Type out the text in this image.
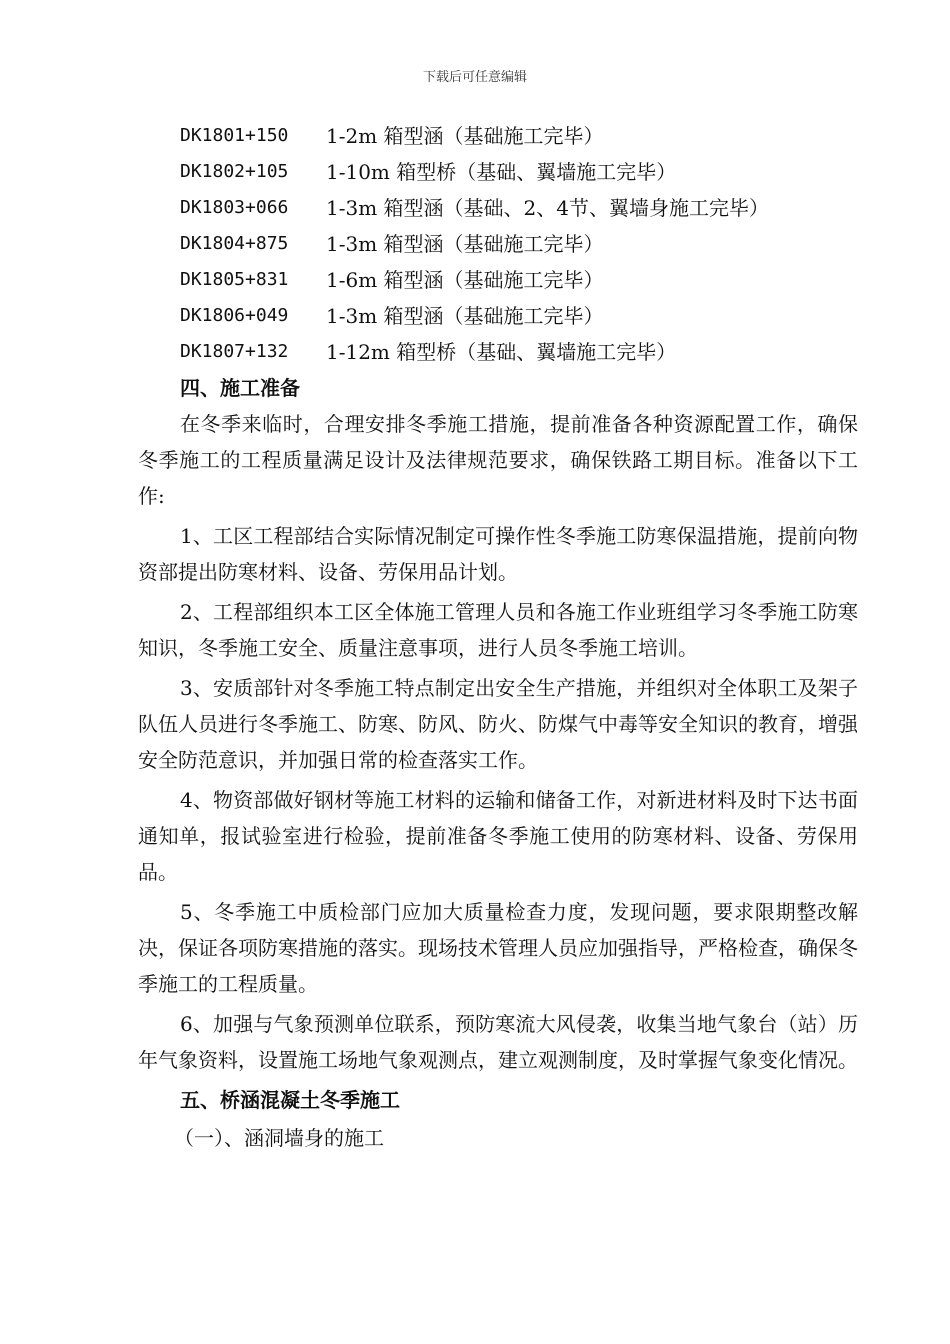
下载后可任意编辑
DK1801+150	1-2m 箱型涵（基础施工完毕）
DK1802+105	1-10m 箱型桥（基础、翼墙施工完毕）
DK1803+066	1-3m 箱型涵（基础、2、4节、翼墙身施工完毕）
DK1804+875	1-3m 箱型涵（基础施工完毕）
DK1805+831	1-6m 箱型涵（基础施工完毕）
DK1806+049	1-3m 箱型涵（基础施工完毕）
DK1807+132	1-12m 箱型桥（基础、翼墙施工完毕）
四、施工准备

在冬季来临时，合理安排冬季施工措施，提前准备各种资源配置工作，确保冬季施工的工程质量满足设计及法律规范要求，确保铁路工期目标。准备以下工作:

1、工区工程部结合实际情况制定可操作性冬季施工防寒保温措施，提前向物资部提出防寒材料、设备、劳保用品计划。

2、工程部组织本工区全体施工管理人员和各施工作业班组学习冬季施工防寒知识，冬季施工安全、质量注意事项，进行人员冬季施工培训。

3、安质部针对冬季施工特点制定出安全生产措施，并组织对全体职工及架子队伍人员进行冬季施工、防寒、防风、防火、防煤气中毒等安全知识的教育，增强安全防范意识，并加强日常的检查落实工作。

4、物资部做好钢材等施工材料的运输和储备工作，对新进材料及时下达书面通知单，报试验室进行检验，提前准备冬季施工使用的防寒材料、设备、劳保用品。

5、冬季施工中质检部门应加大质量检查力度，发现问题，要求限期整改解决，保证各项防寒措施的落实。现场技术管理人员应加强指导，严格检查，确保冬季施工的工程质量。

6、加强与气象预测单位联系，预防寒流大风侵袭，收集当地气象台（站）历年气象资料，设置施工场地气象观测点，建立观测制度，及时掌握气象变化情况。

五、桥涵混凝土冬季施工
（一）、涵洞墙身的施工
